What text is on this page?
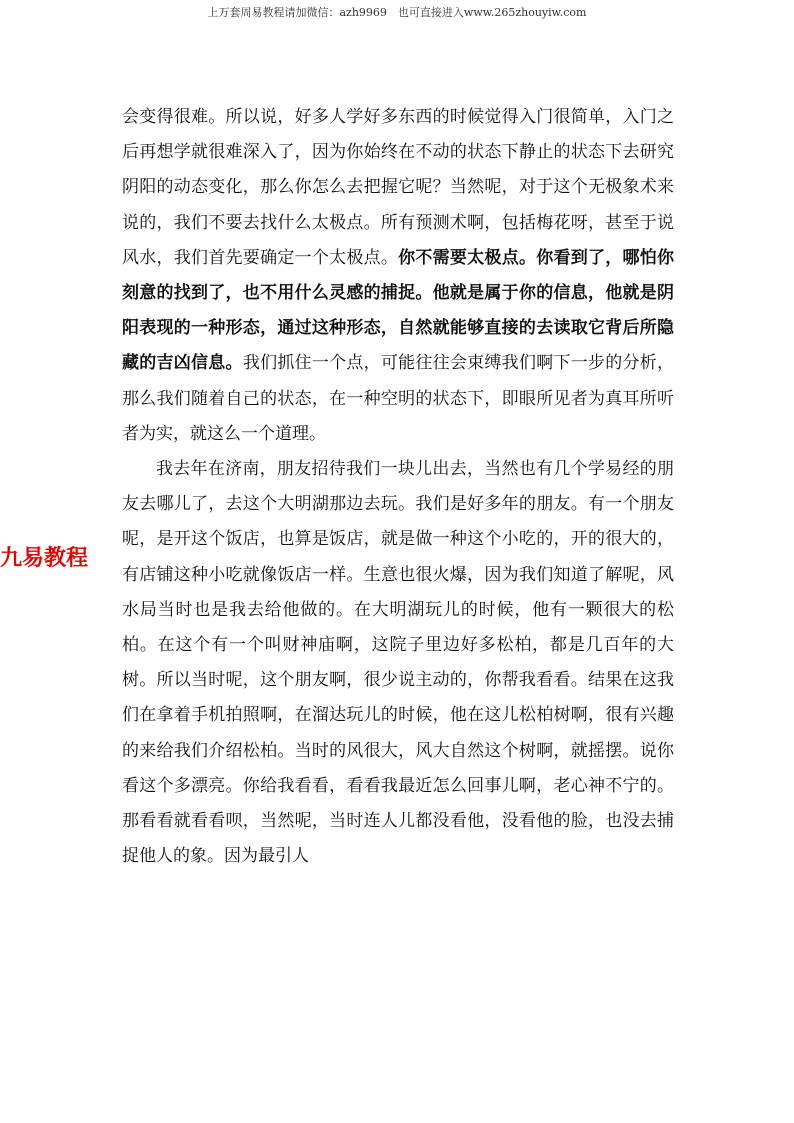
上万套周易教程请加微信：azh9969　也可直接进入www.265zhouyiw.com
九易教程

会变得很难。所以说，好多人学好多东西的时候觉得入门很简单，入门之后再想学就很难深入了，因为你始终在不动的状态下静止的状态下去研究阴阳的动态变化，那么你怎么去把握它呢？当然呢，对于这个无极象术来说的，我们不要去找什么太极点。所有预测术啊，包括梅花呀，甚至于说风水，我们首先要确定一个太极点。你不需要太极点。你看到了，哪怕你刻意的找到了，也不用什么灵感的捕捉。他就是属于你的信息，他就是阴阳表现的一种形态，通过这种形态，自然就能够直接的去读取它背后所隐藏的吉凶信息。我们抓住一个点，可能往往会束缚我们啊下一步的分析，那么我们随着自己的状态，在一种空明的状态下，即眼所见者为真耳所听者为实，就这么一个道理。

我去年在济南，朋友招待我们一块儿出去，当然也有几个学易经的朋友去哪儿了，去这个大明湖那边去玩。我们是好多年的朋友。有一个朋友呢，是开这个饭店，也算是饭店，就是做一种这个小吃的，开的很大的，有店铺这种小吃就像饭店一样。生意也很火爆，因为我们知道了解呢，风水局当时也是我去给他做的。在大明湖玩儿的时候，他有一颗很大的松柏。在这个有一个叫财神庙啊，这院子里边好多松柏，都是几百年的大树。所以当时呢，这个朋友啊，很少说主动的，你帮我看看。结果在这我们在拿着手机拍照啊，在溜达玩儿的时候，他在这儿松柏树啊，很有兴趣的来给我们介绍松柏。当时的风很大，风大自然这个树啊，就摇摆。说你看这个多漂亮。你给我看看，看看我最近怎么回事儿啊，老心神不宁的。那看看就看看呗，当然呢，当时连人儿都没看他，没看他的脸，也没去捕捉他人的象。因为最引人
